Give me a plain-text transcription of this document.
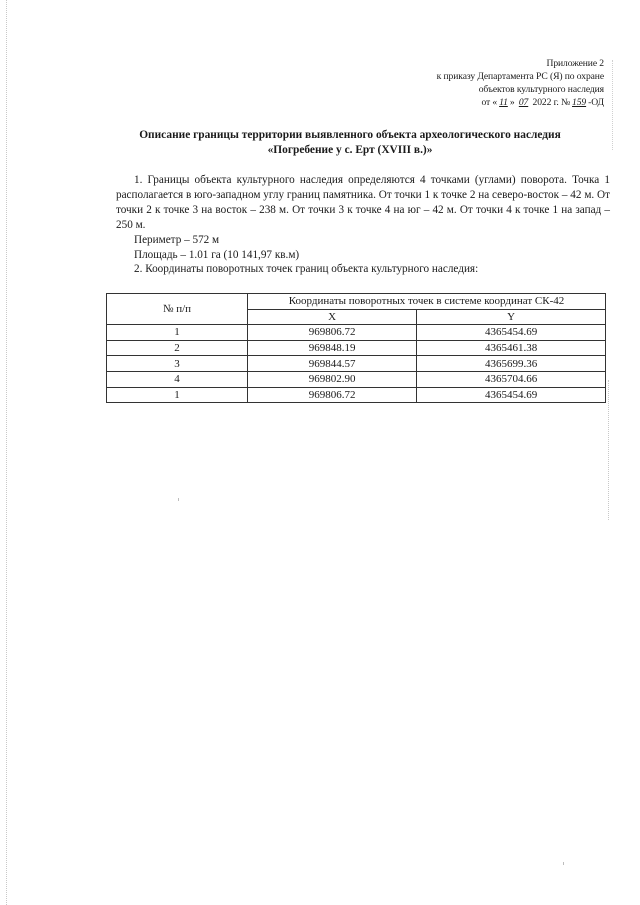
Приложение 2
к приказу Департамента РС (Я) по охране
объектов культурного наследия
от « 11 » 07 2022 г. № 159 -ОД
Описание границы территории выявленного объекта археологического наследия
«Погребение у с. Ерт (XVIII в.)»

1. Границы объекта культурного наследия определяются 4 точками (углами) поворота. Точка 1 располагается в юго-западном углу границ памятника. От точки 1 к точке 2 на северо-восток – 42 м. От точки 2 к точке 3 на восток – 238 м. От точки 3 к точке 4 на юг – 42 м. От точки 4 к точке 1 на запад – 250 м.

Периметр – 572 м

Площадь – 1.01 га (10 141,97 кв.м)

2. Координаты поворотных точек границ объекта культурного наследия:

№ п/п	Координаты поворотных точек в системе координат СК-42	
	X	Y
1	969806.72	4365454.69
2	969848.19	4365461.38
3	969844.57	4365699.36
4	969802.90	4365704.66
1	969806.72	4365454.69
